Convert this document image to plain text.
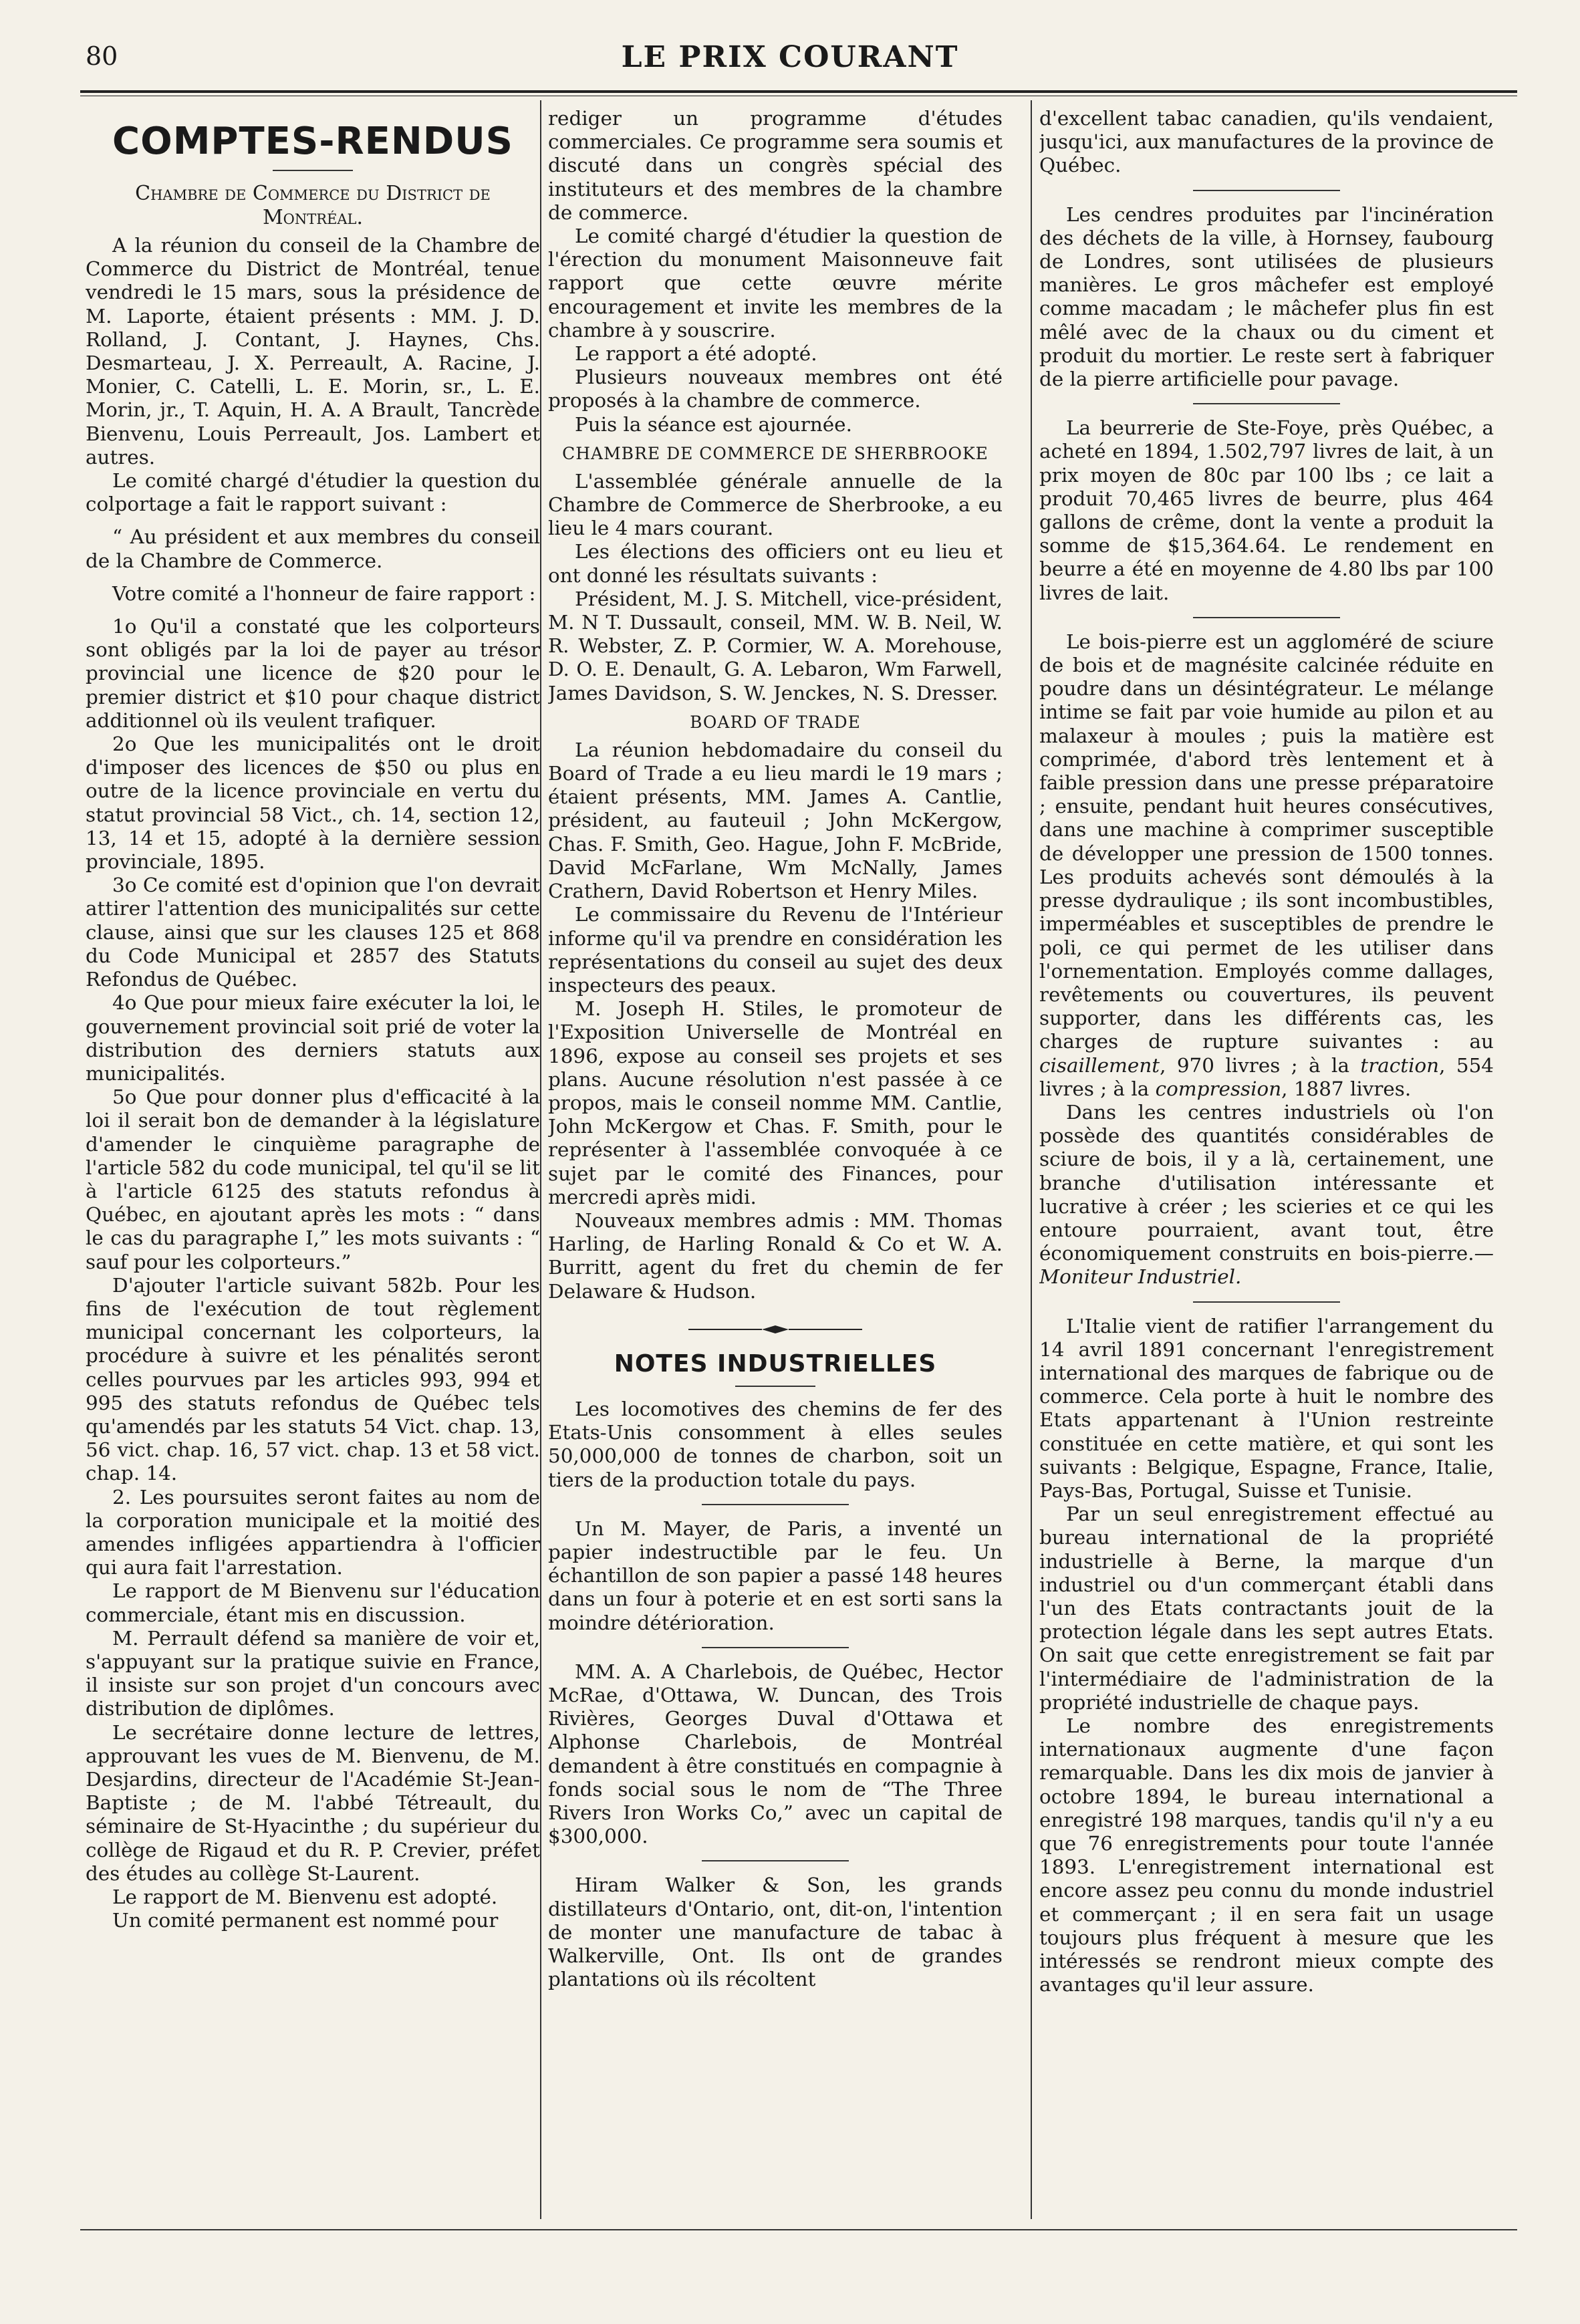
80	LE PRIX COURANT
COMPTES-RENDUS
Chambre de Commerce du District de Montréal.

A la réunion du conseil de la Chambre de Commerce du District de Montréal, tenue vendredi le 15 mars, sous la présidence de M. Laporte, étaient présents : MM. J. D. Rolland, J. Contant, J. Haynes, Chs. Desmarteau, J. X. Perreault, A. Racine, J. Monier, C. Catelli, L. E. Morin, sr., L. E. Morin, jr., T. Aquin, H. A. A Brault, Tancrède Bienvenu, Louis Perreault, Jos. Lambert et autres.

Le comité chargé d'étudier la question du colportage a fait le rapport suivant :

“ Au président et aux membres du conseil de la Chambre de Commerce.

Votre comité a l'honneur de faire rapport :

1o Qu'il a constaté que les colporteurs sont obligés par la loi de payer au trésor provincial une licence de $20 pour le premier district et $10 pour chaque district additionnel où ils veulent trafiquer.

2o Que les municipalités ont le droit d'imposer des licences de $50 ou plus en outre de la licence provinciale en vertu du statut provincial 58 Vict., ch. 14, section 12, 13, 14 et 15, adopté à la dernière session provinciale, 1895.

3o Ce comité est d'opinion que l'on devrait attirer l'attention des municipalités sur cette clause, ainsi que sur les clauses 125 et 868 du Code Municipal et 2857 des Statuts Refondus de Québec.

4o Que pour mieux faire exécuter la loi, le gouvernement provincial soit prié de voter la distribution des derniers statuts aux municipalités.

5o Que pour donner plus d'efficacité à la loi il serait bon de demander à la législature d'amender le cinquième paragraphe de l'article 582 du code municipal, tel qu'il se lit à l'article 6125 des statuts refondus à Québec, en ajoutant après les mots : “ dans le cas du paragraphe I,” les mots suivants : “ sauf pour les colporteurs.”

D'ajouter l'article suivant 582b. Pour les fins de l'exécution de tout règlement municipal concernant les colporteurs, la procédure à suivre et les pénalités seront celles pourvues par les articles 993, 994 et 995 des statuts refondus de Québec tels qu'amendés par les statuts 54 Vict. chap. 13, 56 vict. chap. 16, 57 vict. chap. 13 et 58 vict. chap. 14.

2. Les poursuites seront faites au nom de la corporation municipale et la moitié des amendes infligées appartiendra à l'officier qui aura fait l'arrestation.

Le rapport de M Bienvenu sur l'éducation commerciale, étant mis en discussion.

M. Perrault défend sa manière de voir et, s'appuyant sur la pratique suivie en France, il insiste sur son projet d'un concours avec distribution de diplômes.

Le secrétaire donne lecture de lettres, approuvant les vues de M. Bienvenu, de M. Desjardins, directeur de l'Académie St-Jean-Baptiste ; de M. l'abbé Tétreault, du séminaire de St-Hyacinthe ; du supérieur du collège de Rigaud et du R. P. Crevier, préfet des études au collège St-Laurent.

Le rapport de M. Bienvenu est adopté.

Un comité permanent est nommé pour

rediger un programme d'études commerciales. Ce programme sera soumis et discuté dans un congrès spécial des instituteurs et des membres de la chambre de commerce.

Le comité chargé d'étudier la question de l'érection du monument Maisonneuve fait rapport que cette œuvre mérite encouragement et invite les membres de la chambre à y souscrire.

Le rapport a été adopté.

Plusieurs nouveaux membres ont été proposés à la chambre de commerce.

Puis la séance est ajournée.

CHAMBRE DE COMMERCE DE SHERBROOKE

L'assemblée générale annuelle de la Chambre de Commerce de Sherbrooke, a eu lieu le 4 mars courant.

Les élections des officiers ont eu lieu et ont donné les résultats suivants :

Président, M. J. S. Mitchell, vice-président, M. N T. Dussault, conseil, MM. W. B. Neil, W. R. Webster, Z. P. Cormier, W. A. Morehouse, D. O. E. Denault, G. A. Lebaron, Wm Farwell, James Davidson, S. W. Jenckes, N. S. Dresser.

BOARD OF TRADE

La réunion hebdomadaire du conseil du Board of Trade a eu lieu mardi le 19 mars ; étaient présents, MM. James A. Cantlie, président, au fauteuil ; John McKergow, Chas. F. Smith, Geo. Hague, John F. McBride, David McFarlane, Wm McNally, James Crathern, David Robertson et Henry Miles.

Le commissaire du Revenu de l'Intérieur informe qu'il va prendre en considération les représentations du conseil au sujet des deux inspecteurs des peaux.

M. Joseph H. Stiles, le promoteur de l'Exposition Universelle de Montréal en 1896, expose au conseil ses projets et ses plans. Aucune résolution n'est passée à ce propos, mais le conseil nomme MM. Cantlie, John McKergow et Chas. F. Smith, pour le représenter à l'assemblée convoquée à ce sujet par le comité des Finances, pour mercredi après midi.

Nouveaux membres admis : MM. Thomas Harling, de Harling Ronald & Co et W. A. Burritt, agent du fret du chemin de fer Delaware & Hudson.

NOTES INDUSTRIELLES

Les locomotives des chemins de fer des Etats-Unis consomment à elles seules 50,000,000 de tonnes de charbon, soit un tiers de la production totale du pays.

Un M. Mayer, de Paris, a inventé un papier indestructible par le feu. Un échantillon de son papier a passé 148 heures dans un four à poterie et en est sorti sans la moindre détérioration.

MM. A. A Charlebois, de Québec, Hector McRae, d'Ottawa, W. Duncan, des Trois Rivières, Georges Duval d'Ottawa et Alphonse Charlebois, de Montréal demandent à être constitués en compagnie à fonds social sous le nom de “The Three Rivers Iron Works Co,” avec un capital de $300,000.

Hiram Walker & Son, les grands distillateurs d'Ontario, ont, dit-on, l'intention de monter une manufacture de tabac à Walkerville, Ont. Ils ont de grandes plantations où ils récoltent

d'excellent tabac canadien, qu'ils vendaient, jusqu'ici, aux manufactures de la province de Québec.

Les cendres produites par l'incinération des déchets de la ville, à Hornsey, faubourg de Londres, sont utilisées de plusieurs manières. Le gros mâchefer est employé comme macadam ; le mâchefer plus fin est mêlé avec de la chaux ou du ciment et produit du mortier. Le reste sert à fabriquer de la pierre artificielle pour pavage.

La beurrerie de Ste-Foye, près Québec, a acheté en 1894, 1.502,797 livres de lait, à un prix moyen de 80c par 100 lbs ; ce lait a produit 70,465 livres de beurre, plus 464 gallons de crême, dont la vente a produit la somme de $15,364.64. Le rendement en beurre a été en moyenne de 4.80 lbs par 100 livres de lait.

Le bois-pierre est un aggloméré de sciure de bois et de magnésite calcinée réduite en poudre dans un désintégrateur. Le mélange intime se fait par voie humide au pilon et au malaxeur à moules ; puis la matière est comprimée, d'abord très lentement et à faible pression dans une presse préparatoire ; ensuite, pendant huit heures consécutives, dans une machine à comprimer susceptible de développer une pression de 1500 tonnes. Les produits achevés sont démoulés à la presse dydraulique ; ils sont incombustibles, imperméables et susceptibles de prendre le poli, ce qui permet de les utiliser dans l'ornementation. Employés comme dallages, revêtements ou couvertures, ils peuvent supporter, dans les différents cas, les charges de rupture suivantes : au cisaillement, 970 livres ; à la traction, 554 livres ; à la compression, 1887 livres.

Dans les centres industriels où l'on possède des quantités considérables de sciure de bois, il y a là, certainement, une branche d'utilisation intéressante et lucrative à créer ; les scieries et ce qui les entoure pourraient, avant tout, être économiquement construits en bois-pierre.—Moniteur Industriel.

L'Italie vient de ratifier l'arrangement du 14 avril 1891 concernant l'enregistrement international des marques de fabrique ou de commerce. Cela porte à huit le nombre des Etats appartenant à l'Union restreinte constituée en cette matière, et qui sont les suivants : Belgique, Espagne, France, Italie, Pays-Bas, Portugal, Suisse et Tunisie.

Par un seul enregistrement effectué au bureau international de la propriété industrielle à Berne, la marque d'un industriel ou d'un commerçant établi dans l'un des Etats contractants jouit de la protection légale dans les sept autres Etats. On sait que cette enregistrement se fait par l'intermédiaire de l'administration de la propriété industrielle de chaque pays.

Le nombre des enregistrements internationaux augmente d'une façon remarquable. Dans les dix mois de janvier à octobre 1894, le bureau international a enregistré 198 marques, tandis qu'il n'y a eu que 76 enregistrements pour toute l'année 1893. L'enregistrement international est encore assez peu connu du monde industriel et commerçant ; il en sera fait un usage toujours plus fréquent à mesure que les intéressés se rendront mieux compte des avantages qu'il leur assure.
